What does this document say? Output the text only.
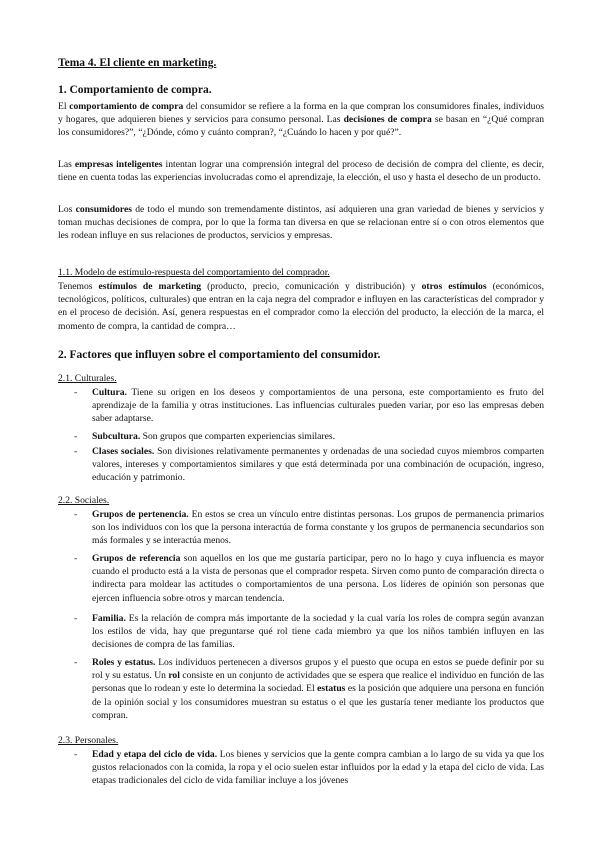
Tema 4. El cliente en marketing.
1. Comportamiento de compra.

El comportamiento de compra del consumidor se refiere a la forma en la que compran los consumidores finales, individuos y hogares, que adquieren bienes y servicios para consumo personal. Las decisiones de compra se basan en “¿Qué compran los consumidores?”, “¿Dónde, cómo y cuánto compran?, “¿Cuándo lo hacen y por qué?”.

Las empresas inteligentes intentan lograr una comprensión integral del proceso de decisión de compra del cliente, es decir, tiene en cuenta todas las experiencias involucradas como el aprendizaje, la elección, el uso y hasta el desecho de un producto.

Los consumidores de todo el mundo son tremendamente distintos, así adquieren una gran variedad de bienes y servicios y toman muchas decisiones de compra, por lo que la forma tan diversa en que se relacionan entre sí o con otros elementos que les rodean influye en sus relaciones de productos, servicios y empresas.

1.1. Modelo de estímulo-respuesta del comportamiento del comprador.

Tenemos estímulos de marketing (producto, precio, comunicación y distribución) y otros estímulos (económicos, tecnológicos, políticos, culturales) que entran en la caja negra del comprador e influyen en las características del comprador y en el proceso de decisión. Así, genera respuestas en el comprador como la elección del producto, la elección de la marca, el momento de compra, la cantidad de compra…

2. Factores que influyen sobre el comportamiento del consumidor.
2.1. Culturales.
-	Cultura. Tiene su origen en los deseos y comportamientos de una persona, este comportamiento es fruto del aprendizaje de la familia y otras instituciones. Las influencias culturales pueden variar, por eso las empresas deben saber adaptarse.
-	Subcultura. Son grupos que comparten experiencias similares.
-	Clases sociales. Son divisiones relativamente permanentes y ordenadas de una sociedad cuyos miembros comparten valores, intereses y comportamientos similares y que está determinada por una combinación de ocupación, ingreso, educación y patrimonio.
2.2. Sociales.
-	Grupos de pertenencia. En estos se crea un vínculo entre distintas personas. Los grupos de permanencia primarios son los individuos con los que la persona interactúa de forma constante y los grupos de permanencia secundarios son más formales y se interactúa menos.
-	Grupos de referencia son aquellos en los que me gustaría participar, pero no lo hago y cuya influencia es mayor cuando el producto está a la vista de personas que el comprador respeta. Sirven como punto de comparación directa o indirecta para moldear las actitudes o comportamientos de una persona. Los líderes de opinión son personas que ejercen influencia sobre otros y marcan tendencia.
-	Familia. Es la relación de compra más importante de la sociedad y la cual varía los roles de compra según avanzan los estilos de vida, hay que preguntarse qué rol tiene cada miembro ya que los niños también influyen en las decisiones de compra de las familias.
-	Roles y estatus. Los individuos pertenecen a diversos grupos y el puesto que ocupa en estos se puede definir por su rol y su estatus. Un rol consiste en un conjunto de actividades que se espera que realice el individuo en función de las personas que lo rodean y este lo determina la sociedad. El estatus es la posición que adquiere una persona en función de la opinión social y los consumidores muestran su estatus o el que les gustaría tener mediante los productos que compran.
2.3. Personales.
-	Edad y etapa del ciclo de vida. Los bienes y servicios que la gente compra cambian a lo largo de su vida ya que los gustos relacionados con la comida, la ropa y el ocio suelen estar influidos por la edad y la etapa del ciclo de vida. Las etapas tradicionales del ciclo de vida familiar incluye a los jóvenes
